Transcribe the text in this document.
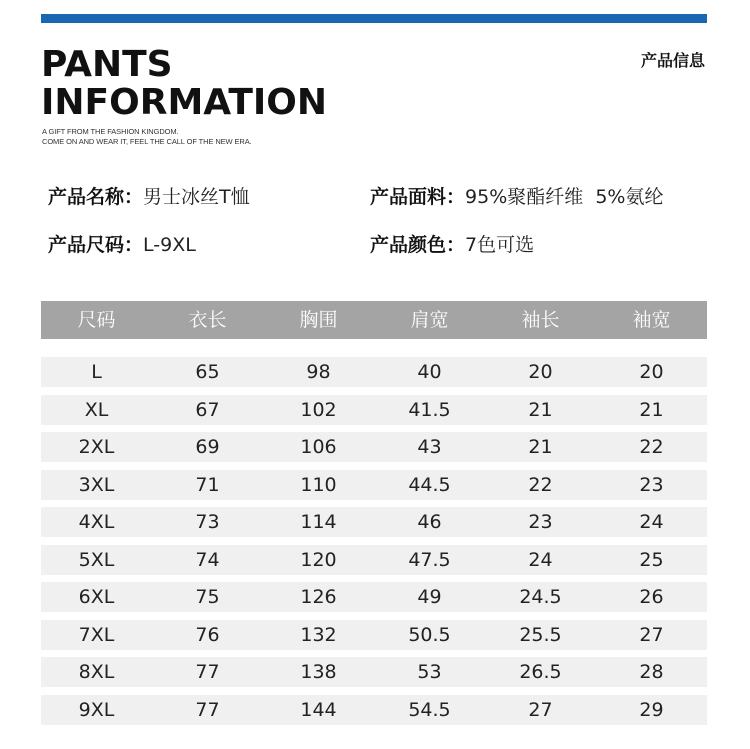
PANTS
INFORMATION
A GIFT FROM THE FASHION KINGDOM.
COME ON AND WEAR IT, FEEL THE CALL OF THE NEW ERA.
产品信息
产品名称：男士冰丝T恤	产品面料：95%聚酯纤维  5%氨纶
产品尺码：L-9XL	产品颜色：7色可选
尺码	衣长	胸围	肩宽	袖长	袖宽
L	65	98	40	20	20
XL	67	102	41.5	21	21
2XL	69	106	43	21	22
3XL	71	110	44.5	22	23
4XL	73	114	46	23	24
5XL	74	120	47.5	24	25
6XL	75	126	49	24.5	26
7XL	76	132	50.5	25.5	27
8XL	77	138	53	26.5	28
9XL	77	144	54.5	27	29
